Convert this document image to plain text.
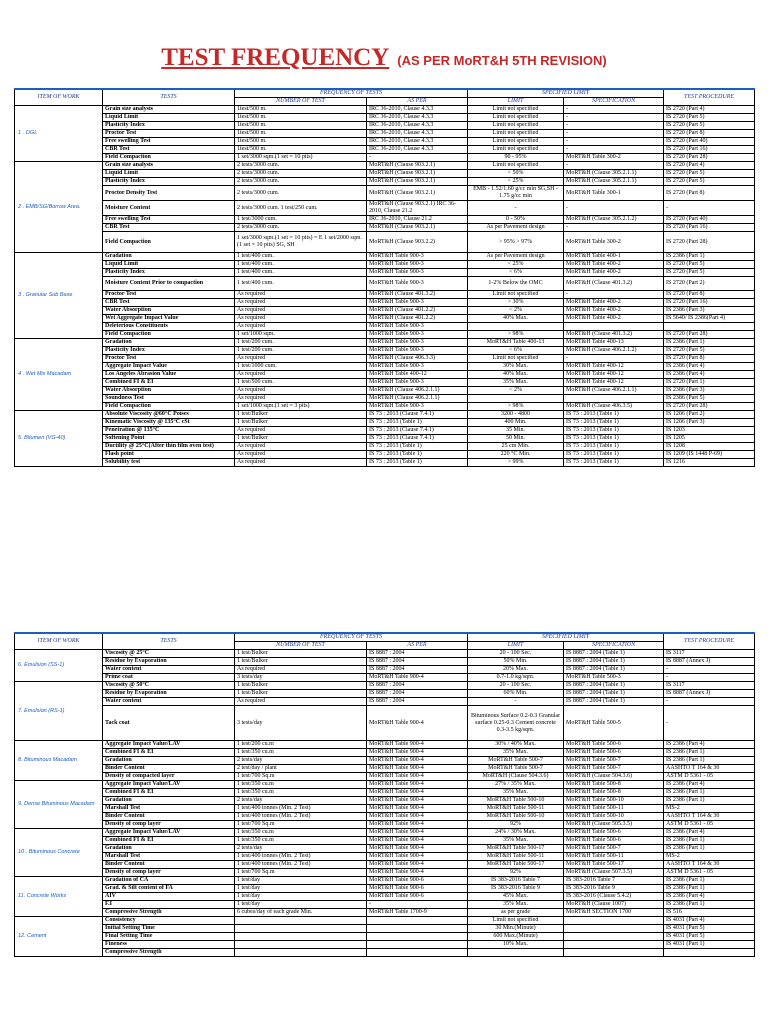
TEST FREQUENCY (AS PER MoRT&H 5TH REVISION)
ITEM OF WORK	TESTS	FREQUENCY OF TESTS		SPECIFIED LIMIT		TEST PROCEDURE
		NUMBER OF TEST	AS PER	LIMIT	SPECIFICATION	
1 . OGL	Grain size analysis	1test/500 m.	IRC 36-2010, Clause 4.3.3	Limit not specified	-	IS 2720 (Part 4)
	Liquid Limit	1test/500 m.	IRC 36-2010, Clause 4.3.3	Limit not specified	-	IS 2720 (Part 5)
	Plasticity Index	1test/500 m.	IRC 36-2010, Clause 4.3.3	Limit not specified	-	IS 2720 (Part 5)
	Proctor Test	1test/500 m.	IRC 36-2010, Clause 4.3.3	Limit not specified	-	IS 2720 (Part 8)
	Free swelling Test	1test/500 m.	IRC 36-2010, Clause 4.3.3	Limit not specified	-	IS 2720 (Part 40)
	CBR Test	1test/500 m.	IRC 36-2010, Clause 4.3.3	Limit not specified	-	IS 2720 (Part 16)
	Field Compaction	1 set/3000 sqm.(1 set = 10 pits)	-	90 - 95%	MoRT&H Table 300-2	IS 2720 (Part 28)
2 . EMB/SG/Borrow Area.	Grain size analysis	2 tests/3000 cum.	MoRT&H (Clause 903.2.1)	Limit not specified	-	IS 2720 (Part 4)
	Liquid Limit	2 tests/3000 cum.	MoRT&H (Clause 903.2.1)	< 50%	MoRT&H (Clause 305.2.1.1)	IS 2720 (Part 5)
	Plasticity Index	2 tests/3000 cum.	MoRT&H (Clause 903.2.1)	< 25%	MoRT&H (Clause 305.2.1.1)	IS 2720 (Part 5)
	Proctor Density Test	2 tests/3000 cum.	MoRT&H (Clause 903.2.1)	EMB - 1.52/1.60 g/cc min SG,SH - 1.75 g/cc min	MoRT&H Table 300-1	IS 2720 (Part 8)
	Moisture Content	2 tests/3000 cum. 1 test/250 cum.	MoRT&H (Clause 903.2.1) IRC 36-2010, Clause 21.2	-	-	-
	Free swelling Test	1 test/3000 cum.	IRC 36-2010, Clause 21.2	0 - 50%	MoRT&H (Clause 305.2.1.2)	IS 2720 (Part 40)
	CBR Test	2 tests/3000 cum.	MoRT&H (Clause 903.2.1)	As per Pavement design	-	IS 2720 (Part 16)
	Field Compaction	1 set/3000 sqm.(1 set = 10 pits) = E 1 set/2000 sqm.(1 set = 10 pits) SG, SH	MoRT&H (Clause 903.2.2)	> 95% > 97%	MoRT&H Table 300-2	IS 2720 (Part 28)
3 . Granular Sub Base	Gradation	1 test/400 cum.	MoRT&H Table 900-3	As per Pavement design	MoRT&H Table 400-1	IS 2386 (Part 1)
	Liquid Limit	1 test/400 cum.	MoRT&H Table 900-3	< 25%	MoRT&H Table 400-2	IS 2720 (Part 5)
	Plasticity Index	1 test/400 cum.	MoRT&H Table 900-3	< 6%	MoRT&H Table 400-2	IS 2720 (Part 5)
	Moisture Content Prior to compaction	1 test/400 cum.	MoRT&H Table 900-3	1-2% Below the OMC	MoRT&H (Clause 401.3.2)	IS 2720 (Part 2)
	Proctor Test	As required	MoRT&H (Clause 401.3.2)	Limit not specified	-	IS 2720 (Part 8)
	CBR Test	As required	MoRT&H Table 900-3	> 30%	MoRT&H Table 400-2	IS 2720 (Part 16)
	Water Absorption	As required	MoRT&H (Clause 401.2.2)	< 2%	MoRT&H Table 400-2	IS 2386 (Part 3)
	Wet Aggregate Impact Value	As required	MoRT&H (Clause 401.2.2)	40% Max.	MoRT&H Table 400-2	IS 5640/ IS 2386(Part 4)
	Deleterious Constituents	As required	MoRT&H Table 900-3			
	Field Compaction	1 set/1000 sqm.	MoRT&H Table 900-3	> 98%	MoRT&H (Clause 401.3.2)	IS 2720 (Part 28)
4 . Wet Mix Macadam	Gradation	1 test/200 cum.	MoRT&H Table 900-3	MoRT&H Table 400-13	MoRT&H Table 400-13	IS 2386 (Part 1)
	Plasticity Index	1 test/200 cum.	MoRT&H Table 900-3	< 6%	MoRT&H (Clause 406.2.1.2)	IS 2720 (Part 5)
	Proctor Test	As required	MoRT&H (Clause 406.3.3)	Limit not specified	-	IS 2720 (Part 8)
	Aggregate Impact Value	1 test/1000 cum.	MoRT&H Table 900-3	30% Max.	MoRT&H Table 400-12	IS 2386 (Part 4)
	Los Angeles Abrasion Value	As required	MoRT&H Table 400-12	40% Max.	MoRT&H Table 400-12	IS 2386 (Part 4)
	Combined FI & EI	1 test/500 cum.	MoRT&H Table 900-3	35% Max.	MoRT&H Table 400-12	IS 2720 (Part 1)
	Water Absorption	As required	MoRT&H (Clause 406.2.1.1)	< 2%	MoRT&H (Clause 406.2.1.1)	IS 2386 (Part 3)
	Soundness Test	As required	MoRT&H (Clause 406.2.1.1)			IS 2386 (Part 5)
	Field Compaction	1 set/1000 sqm.(1 set = 3 pits)	MoRT&H Table 900-3	> 98%	MoRT&H (Clause 406.3.5)	IS 2720 (Part 28)
5. Bitumen (VG-40)	Absolute Viscosity @60°C Poises	1 test/Bulker	IS 73 : 2013 (Clause 7.4.1)	3200 - 4800	IS 73 : 2013 (Table 1)	IS 1206 (Part 2)
	Kinematic Viscosity @ 135°C cSt	1 test/Bulker	IS 73 : 2013 (Table 1)	400 Min.	IS 73 : 2013 (Table 1)	IS 1206 (Part 3)
	Penetration @ 135°C	As required	IS 73 : 2013 (Clause 7.4.1)	35 Min.	IS 73 : 2013 (Table 1)	IS 1203
	Softening Point	1 test/Bulker	IS 73 : 2013 (Clause 7.4.1)	50 Min.	IS 73 : 2013 (Table 1)	IS 1205
	Ductility @ 25°C(After thin film oven test)	As required	IS 73 : 2013 (Table 1)	25 cm Min.	IS 73 : 2013 (Table 1)	IS 1208
	Flash point	As required	IS 73 : 2013 (Table 1)	220 °C Min.	IS 73 : 2013 (Table 1)	IS 1209 (IS 1448 P-69)
	Solubility test	As required	IS 73 : 2013 (Table 1)	> 99%	IS 73 : 2013 (Table 1)	IS 1216
ITEM OF WORK	TESTS	FREQUENCY OF TESTS		SPECIFIED LIMIT		TEST PROCEDURE
		NUMBER OF TEST	AS PER	LIMIT	SPECIFICATION	
6. Emulsion (SS-1)	Viscosity @ 25°C	1 test/Bulker	IS 8887 : 2004	20 - 100 Sec.	IS 8887 : 2004 (Table 1)	IS 3117
	Residue by Evaporation	1 test/Bulker	IS 8887 : 2004	50% Min.	IS 8887 : 2004 (Table 1)	IS 8887 (Annex J)
	Water content	As required	IS 8887 : 2004	20% Max.	IS 8887 : 2004 (Table 1)	-
	Prime coat	3 tests/day	MoRT&H Table 900-4	0.7-1.0 kg/sqm.	MoRT&H Table 500-3	-
7. Emulsion (RS-1)	Viscosity @ 50°C	1 test/Bulker	IS 8887 : 2004	20 - 100 Sec.	IS 8887 : 2004 (Table 1)	IS 3117
	Residue by Evaporation	1 test/Bulker	IS 8887 : 2004	60% Min.	IS 8887 : 2004 (Table 1)	IS 8887 (Annex J)
	Water content	As required	IS 8887 : 2004	-	IS 8887 : 2004 (Table 1)	-
	Tack coat	3 tests/day	MoRT&H Table 900-4	Bituminous Surface 0.2-0.3 Granular surface 0.25-0.3 Cement concrete 0.3-3.5 kg/sqm.	MoRT&H Table 500-5	-
8. Bituminous Macadam	Aggregate Impact Value/LAV	1 test/200 cu.m	MoRT&H Table 900-4	30% / 40% Max.	MoRT&H Table 500-6	IS 2386 (Part 4)
	Combined FI & EI	1 test/350 cu.m	MoRT&H Table 900-4	35% Max.	MoRT&H Table 500-6	IS 2386 (Part 1)
	Gradation	2 tests/day	MoRT&H Table 900-4	MoRT&H Table 500-7	MoRT&H Table 500-7	IS 2386 (Part 1)
	Binder Content	2 test/day / plant	MoRT&H Table 900-4	MoRT&H Table 500-7	MoRT&H Table 500-7	AASHTO T 164 & 30
	Density of compacted layer	1 test/700 Sq.m	MoRT&H Table 900-4	MoRT&H (Clause 504.3.6)	MoRT&H (Clause 504.3.6)	ASTM D 5361 - 05
9. Dense Bituminous Macadam	Aggregate Impact Value/LAV	1 test/350 cu.m	MoRT&H Table 900-4	27% / 35% Max.	MoRT&H Table 500-8	IS 2386 (Part 4)
	Combined FI & EI	1 test/350 cu.m	MoRT&H Table 900-4	35% Max.	MoRT&H Table 500-8	IS 2386 (Part 1)
	Gradation	2 tests/day	MoRT&H Table 900-4	MoRT&H Table 500-10	MoRT&H Table 500-10	IS 2386 (Part 1)
	Marshall Test	1 test/400 tonnes (Min. 2 Test)	MoRT&H Table 900-4	MoRT&H Table 500-11	MoRT&H Table 500-11	MS-2
	Binder Content	1 test/400 tonnes (Min. 2 Test)	MoRT&H Table 900-4	MoRT&H Table 500-10	MoRT&H Table 500-10	AASHTO T 164 & 30
	Density of comp layer	1 test/700 Sq.m	MoRT&H Table 900-4	92%	MoRT&H (Clause 505.3.5)	ASTM D 5361 - 05
10 . Bituminous Concrete	Aggregate Impact Value/LAV	1 test/350 cu.m	MoRT&H Table 900-4	24% / 30% Max.	MoRT&H Table 500-6	IS 2386 (Part 4)
	Combined FI & EI	1 test/350 cu.m	MoRT&H Table 900-4	35% Max.	MoRT&H Table 500-6	IS 2386 (Part 1)
	Gradation	2 tests/day	MoRT&H Table 900-4	MoRT&H Table 500-17	MoRT&H Table 500-7	IS 2386 (Part 1)
	Marshall Test	1 test/400 tonnes (Min. 2 Test)	MoRT&H Table 900-4	MoRT&H Table 500-11	MoRT&H Table 500-11	MS-2
	Binder Content	1 test/400 tonnes (Min. 2 Test)	MoRT&H Table 900-4	MoRT&H Table 500-17	MoRT&H Table 500-17	AASHTO T 164 & 30
	Density of comp layer	1 test/700 Sq.m	MoRT&H Table 900-4	92%	MoRT&H (Clause 507.3.5)	ASTM D 5361 - 05
11. Concrete Works	Gradation of CA	1 test/day	MoRT&H Table 900-6	IS 383-2016 Table 7	IS 383-2016 Table 7	IS 2386 (Part 1)
	Grad. & Silt content of FA	1 test/day	MoRT&H Table 900-6	IS 383-2016 Table 9	IS 383-2016 Table 9	IS 2386 (Part 1)
	AIV	1 test/day	MoRT&H Table 900-6	45% Max.	IS 383-2016 (Clause 5.4.2)	IS 2386 (Part 4)
	F.I	1 test/day	-	35% Max.	MoRT&H (Clause 1007)	IS 2386 (Part 1)
	Compressive Strength	6 cubes/day of each grade Min.	MoRT&H Table 1700-9	as per grade	MoRT&H SECTION 1700	IS 516
12. Cement	Consistency			Limit not specified		IS 4031 (Part 4)
	Initial Setting Time			30 Min.(Minute)		IS 4031 (Part 5)
	Final Setting Time			600 Max.(Minute)		IS 4031 (Part 5)
	Fineness			10% Max.		IS 4031 (Part 1)
	Compressive Strength					
